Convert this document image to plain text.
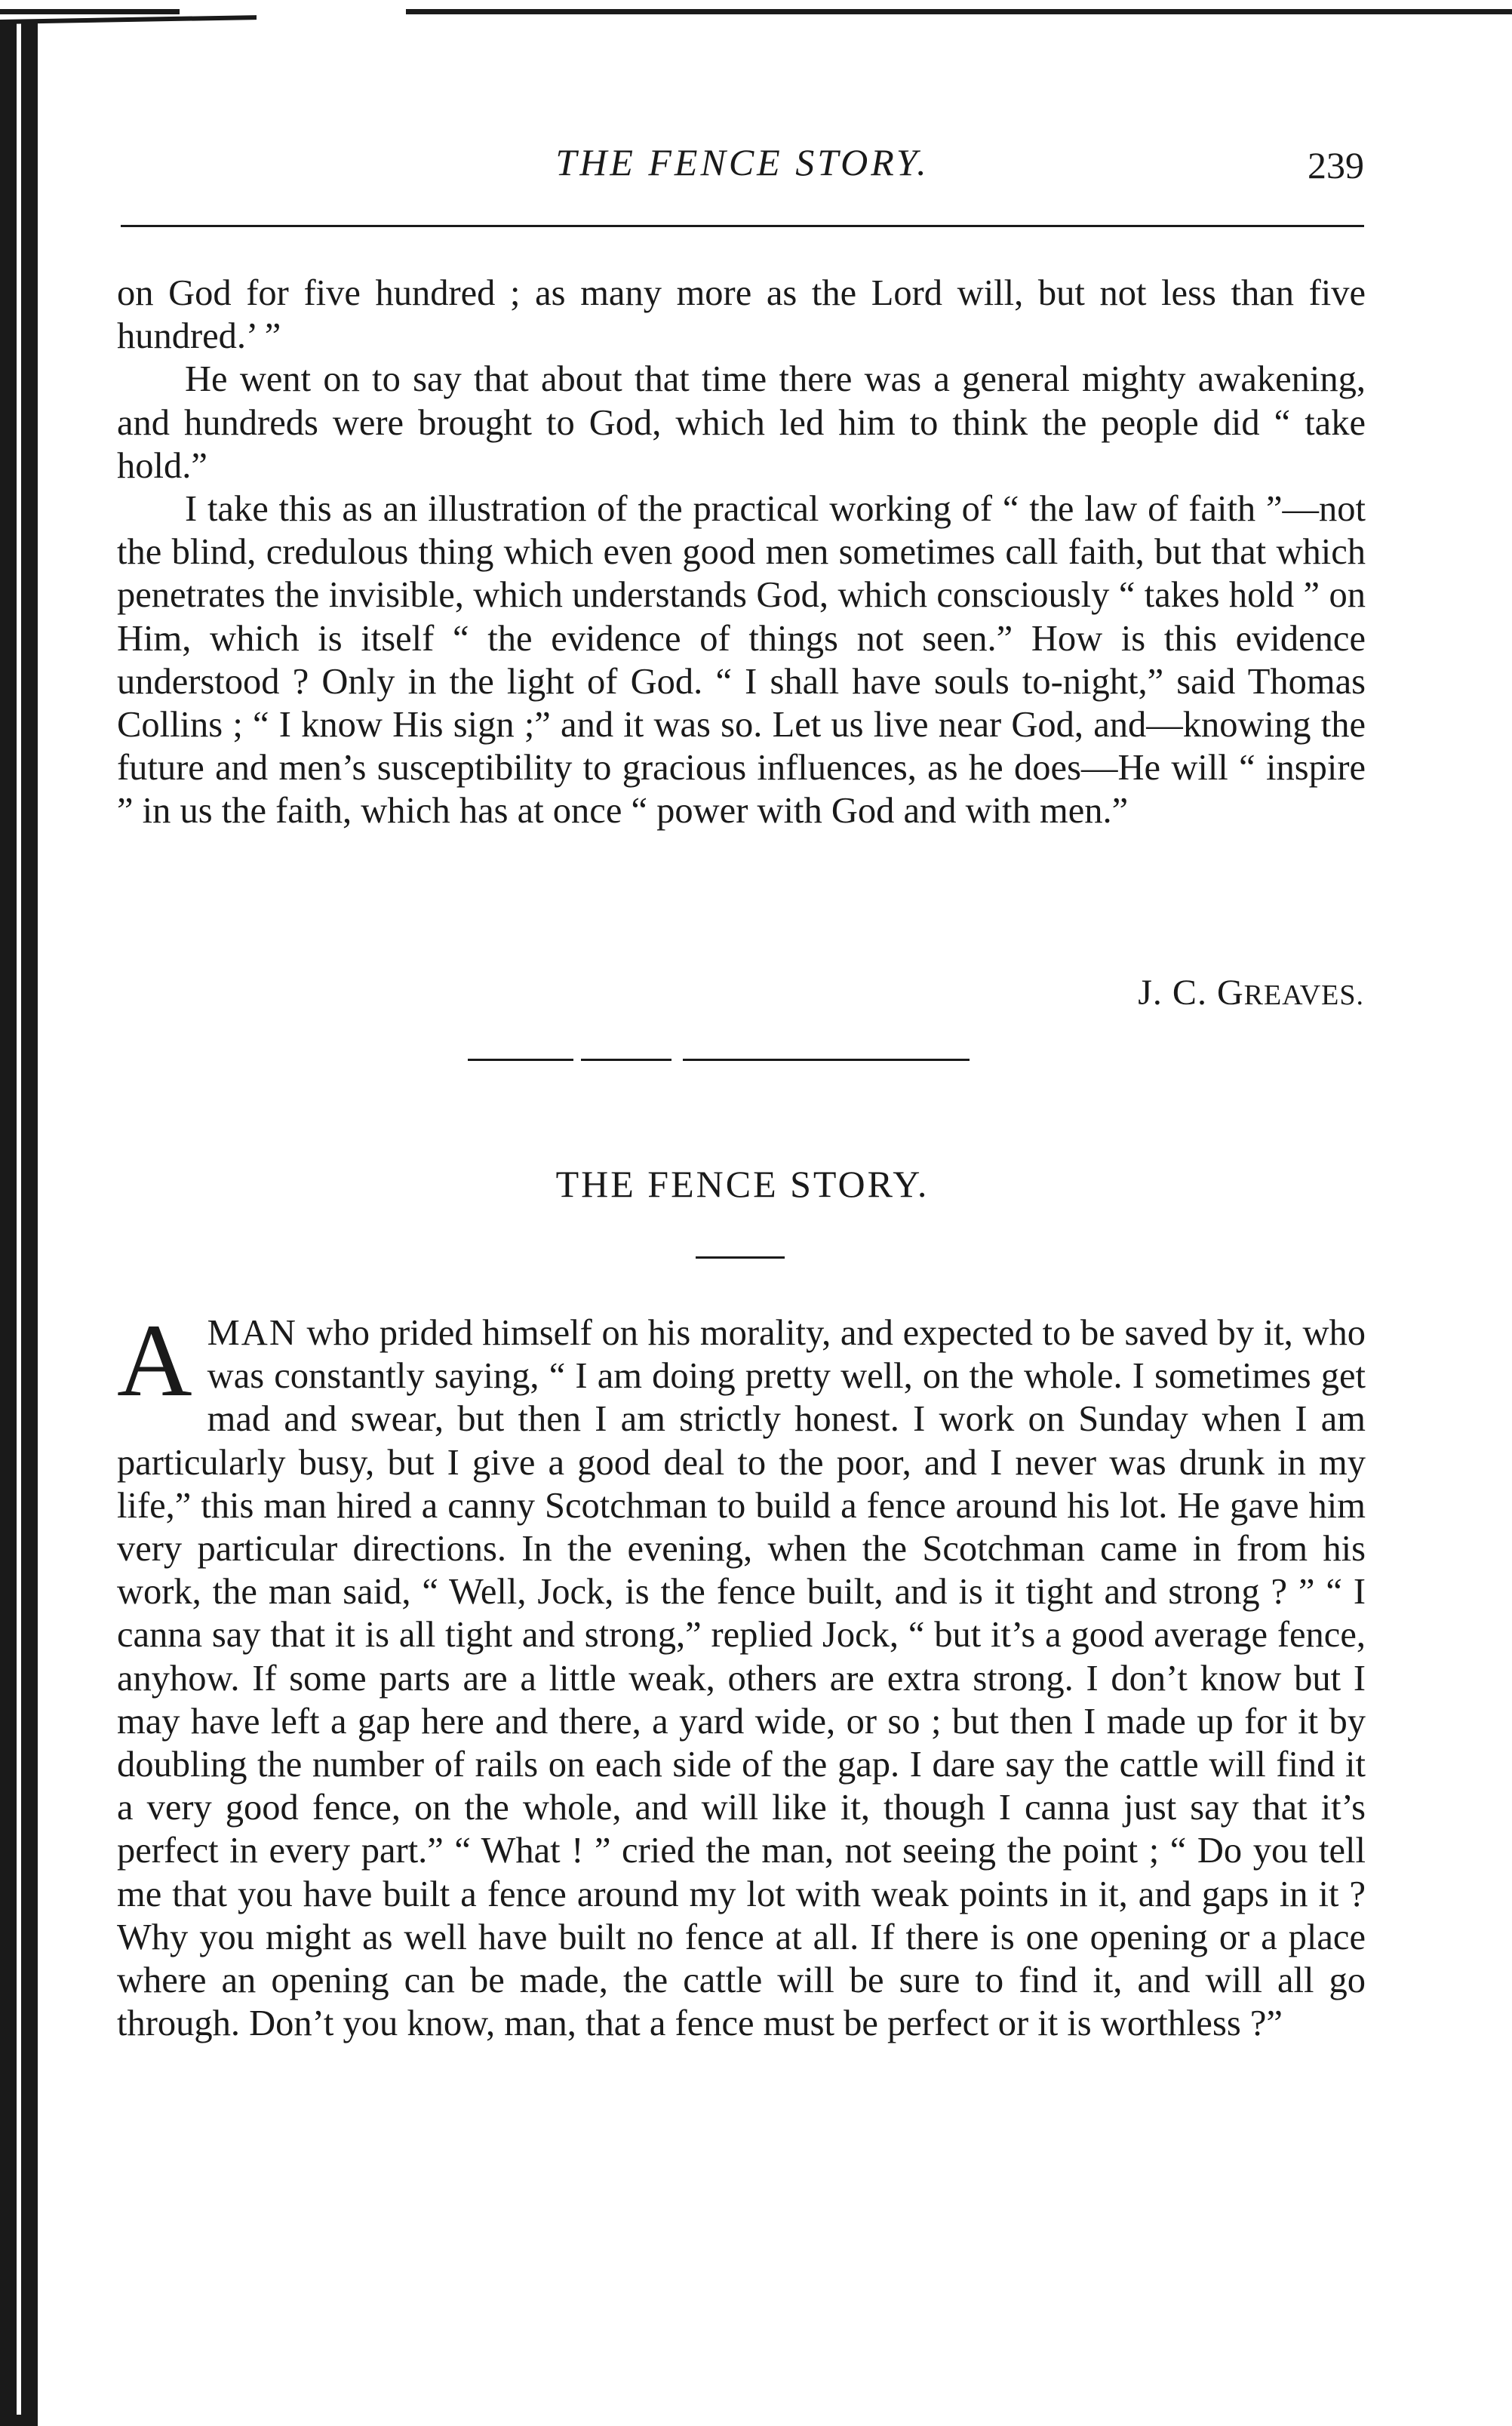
THE FENCE STORY.	239

on God for five hundred ; as many more as the Lord will, but not less than five hundred.’ ”

He went on to say that about that time there was a general mighty awakening, and hundreds were brought to God, which led him to think the people did “ take hold.”

I take this as an illustration of the practical working of “ the law of faith ”—not the blind, credulous thing which even good men sometimes call faith, but that which penetrates the invisible, which understands God, which consciously “ takes hold ” on Him, which is itself “ the evidence of things not seen.” How is this evidence understood ? Only in the light of God. “ I shall have souls to-night,” said Thomas Collins ; “ I know His sign ;” and it was so. Let us live near God, and—knowing the future and men’s susceptibility to gracious influences, as he does—He will “ inspire ” in us the faith, which has at once “ power with God and with men.”

J. C. GREAVES.
THE FENCE STORY.

AMAN who prided himself on his morality, and expected to be saved by it, who was constantly saying, “ I am doing pretty well, on the whole. I sometimes get mad and swear, but then I am strictly honest. I work on Sunday when I am particularly busy, but I give a good deal to the poor, and I never was drunk in my life,” this man hired a canny Scotchman to build a fence around his lot. He gave him very particular directions. In the evening, when the Scotchman came in from his work, the man said, “ Well, Jock, is the fence built, and is it tight and strong ? ” “ I canna say that it is all tight and strong,” replied Jock, “ but it’s a good average fence, anyhow. If some parts are a little weak, others are extra strong. I don’t know but I may have left a gap here and there, a yard wide, or so ; but then I made up for it by doubling the number of rails on each side of the gap. I dare say the cattle will find it a very good fence, on the whole, and will like it, though I canna just say that it’s perfect in every part.” “ What ! ” cried the man, not seeing the point ; “ Do you tell me that you have built a fence around my lot with weak points in it, and gaps in it ? Why you might as well have built no fence at all. If there is one opening or a place where an opening can be made, the cattle will be sure to find it, and will all go through. Don’t you know, man, that a fence must be perfect or it is worthless ?”
